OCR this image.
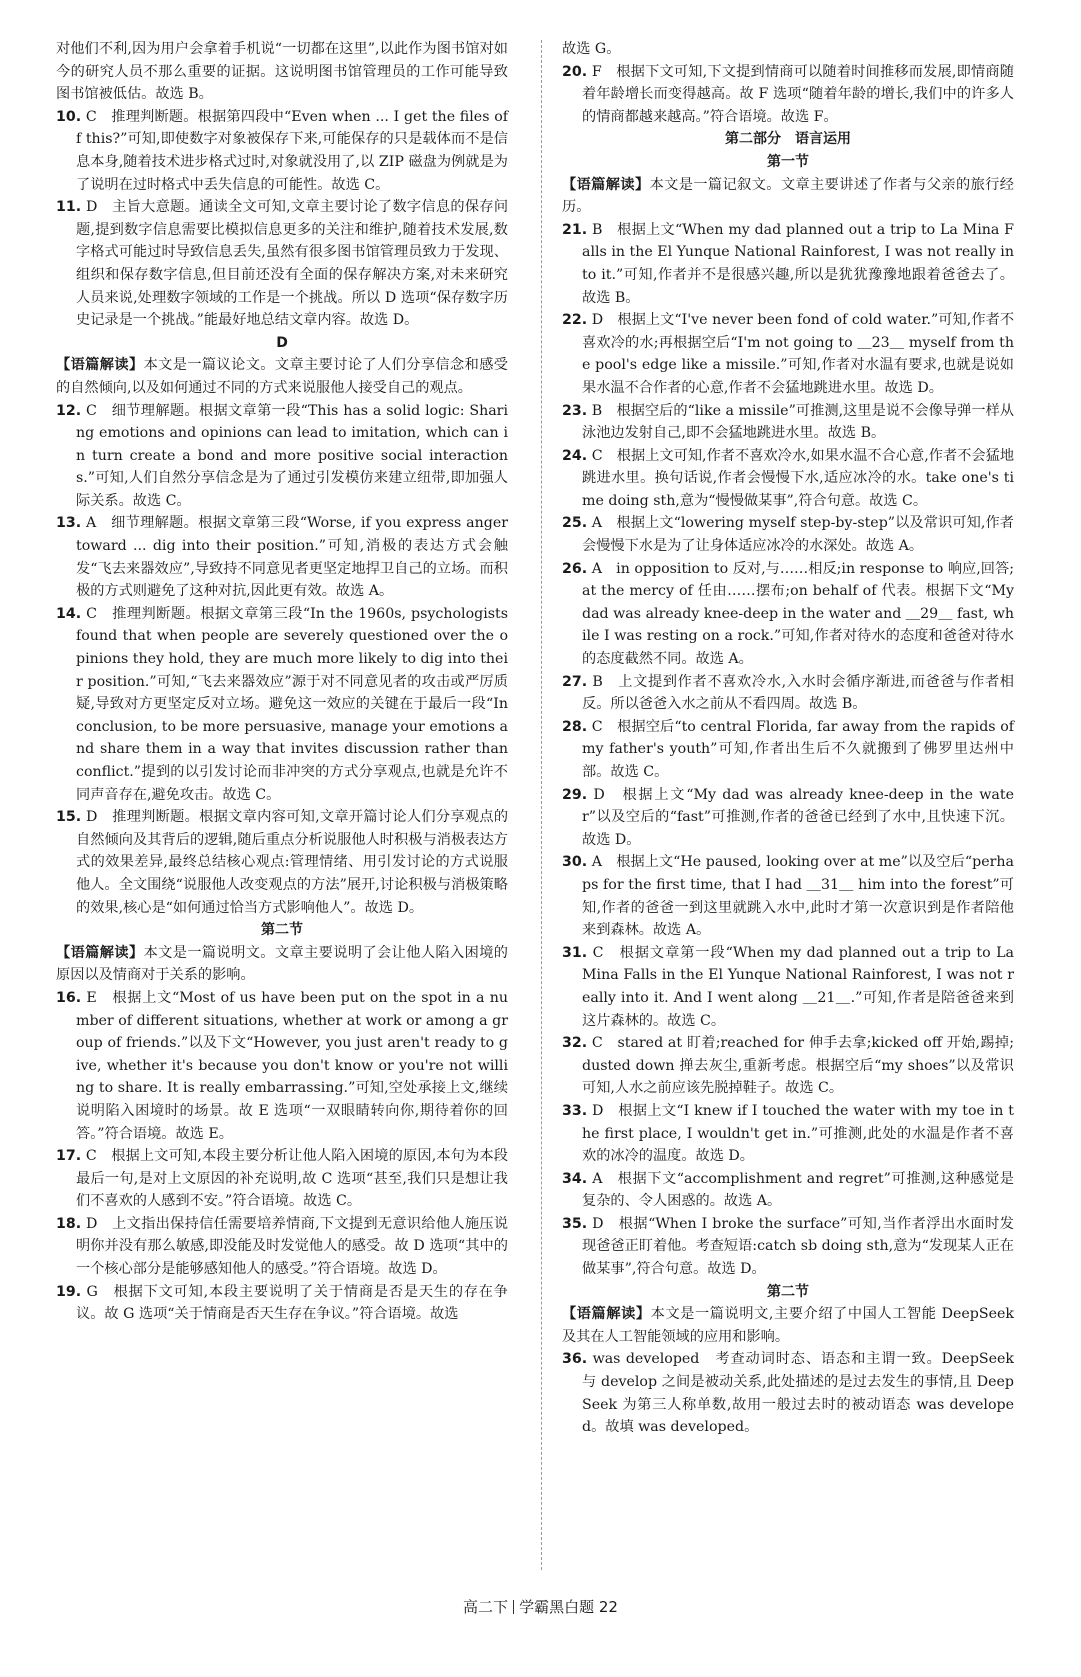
对他们不利,因为用户会拿着手机说“一切都在这里”,以此作为图书馆对如今的研究人员不那么重要的证据。这说明图书馆管理员的工作可能导致图书馆被低估。故选 B。

10. C　推理判断题。根据第四段中“Even when ... I get the files off this?”可知,即使数字对象被保存下来,可能保存的只是载体而不是信息本身,随着技术进步格式过时,对象就没用了,以 ZIP 磁盘为例就是为了说明在过时格式中丢失信息的可能性。故选 C。

11. D　主旨大意题。通读全文可知,文章主要讨论了数字信息的保存问题,提到数字信息需要比模拟信息更多的关注和维护,随着技术发展,数字格式可能过时导致信息丢失,虽然有很多图书馆管理员致力于发现、组织和保存数字信息,但目前还没有全面的保存解决方案,对未来研究人员来说,处理数字领域的工作是一个挑战。所以 D 选项“保存数字历史记录是一个挑战。”能最好地总结文章内容。故选 D。

D

【语篇解读】本文是一篇议论文。文章主要讨论了人们分享信念和感受的自然倾向,以及如何通过不同的方式来说服他人接受自己的观点。

12. C　细节理解题。根据文章第一段“This has a solid logic: Sharing emotions and opinions can lead to imitation, which can in turn create a bond and more positive social interactions.”可知,人们自然分享信念是为了通过引发模仿来建立纽带,即加强人际关系。故选 C。

13. A　细节理解题。根据文章第三段“Worse, if you express anger toward ... dig into their position.”可知,消极的表达方式会触发“飞去来器效应”,导致持不同意见者更坚定地捍卫自己的立场。而积极的方式则避免了这种对抗,因此更有效。故选 A。

14. C　推理判断题。根据文章第三段“In the 1960s, psychologists found that when people are severely questioned over the opinions they hold, they are much more likely to dig into their position.”可知,“飞去来器效应”源于对不同意见者的攻击或严厉质疑,导致对方更坚定反对立场。避免这一效应的关键在于最后一段“In conclusion, to be more persuasive, manage your emotions and share them in a way that invites discussion rather than conflict.”提到的以引发讨论而非冲突的方式分享观点,也就是允许不同声音存在,避免攻击。故选 C。

15. D　推理判断题。根据文章内容可知,文章开篇讨论人们分享观点的自然倾向及其背后的逻辑,随后重点分析说服他人时积极与消极表达方式的效果差异,最终总结核心观点:管理情绪、用引发讨论的方式说服他人。全文围绕“说服他人改变观点的方法”展开,讨论积极与消极策略的效果,核心是“如何通过恰当方式影响他人”。故选 D。

第二节

【语篇解读】本文是一篇说明文。文章主要说明了会让他人陷入困境的原因以及情商对于关系的影响。

16. E　根据上文“Most of us have been put on the spot in a number of different situations, whether at work or among a group of friends.”以及下文“However, you just aren't ready to give, whether it's because you don't know or you're not willing to share. It is really embarrassing.”可知,空处承接上文,继续说明陷入困境时的场景。故 E 选项“一双眼睛转向你,期待着你的回答。”符合语境。故选 E。

17. C　根据上文可知,本段主要分析让他人陷入困境的原因,本句为本段最后一句,是对上文原因的补充说明,故 C 选项“甚至,我们只是想让我们不喜欢的人感到不安。”符合语境。故选 C。

18. D　上文指出保持信任需要培养情商,下文提到无意识给他人施压说明你并没有那么敏感,即没能及时发觉他人的感受。故 D 选项“其中的一个核心部分是能够感知他人的感受。”符合语境。故选 D。

19. G　根据下文可知,本段主要说明了关于情商是否是天生的存在争议。故 G 选项“关于情商是否天生存在争议。”符合语境。故选

故选 G。

20. F　根据下文可知,下文提到情商可以随着时间推移而发展,即情商随着年龄增长而变得越高。故 F 选项“随着年龄的增长,我们中的许多人的情商都越来越高。”符合语境。故选 F。

第二部分　语言运用

第一节

【语篇解读】本文是一篇记叙文。文章主要讲述了作者与父亲的旅行经历。

21. B　根据上文“When my dad planned out a trip to La Mina Falls in the El Yunque National Rainforest, I was not really into it.”可知,作者并不是很感兴趣,所以是犹犹豫豫地跟着爸爸去了。故选 B。

22. D　根据上文“I've never been fond of cold water.”可知,作者不喜欢冷的水;再根据空后“I'm not going to ＿23＿ myself from the pool's edge like a missile.”可知,作者对水温有要求,也就是说如果水温不合作者的心意,作者不会猛地跳进水里。故选 D。

23. B　根据空后的“like a missile”可推测,这里是说不会像导弹一样从泳池边发射自己,即不会猛地跳进水里。故选 B。

24. C　根据上文可知,作者不喜欢冷水,如果水温不合心意,作者不会猛地跳进水里。换句话说,作者会慢慢下水,适应冰冷的水。take one's time doing sth,意为“慢慢做某事”,符合句意。故选 C。

25. A　根据上文“lowering myself step-by-step”以及常识可知,作者会慢慢下水是为了让身体适应冰冷的水深处。故选 A。

26. A　in opposition to 反对,与……相反;in response to 响应,回答;at the mercy of 任由……摆布;on behalf of 代表。根据下文“My dad was already knee-deep in the water and ＿29＿ fast, while I was resting on a rock.”可知,作者对待水的态度和爸爸对待水的态度截然不同。故选 A。

27. B　上文提到作者不喜欢冷水,入水时会循序渐进,而爸爸与作者相反。所以爸爸入水之前从不看四周。故选 B。

28. C　根据空后“to central Florida, far away from the rapids of my father's youth”可知,作者出生后不久就搬到了佛罗里达州中部。故选 C。

29. D　根据上文“My dad was already knee-deep in the water”以及空后的“fast”可推测,作者的爸爸已经到了水中,且快速下沉。故选 D。

30. A　根据上文“He paused, looking over at me”以及空后“perhaps for the first time, that I had ＿31＿ him into the forest”可知,作者的爸爸一到这里就跳入水中,此时才第一次意识到是作者陪他来到森林。故选 A。

31. C　根据文章第一段“When my dad planned out a trip to La Mina Falls in the El Yunque National Rainforest, I was not really into it. And I went along ＿21＿.”可知,作者是陪爸爸来到这片森林的。故选 C。

32. C　stared at 盯着;reached for 伸手去拿;kicked off 开始,踢掉;dusted down 掸去灰尘,重新考虑。根据空后“my shoes”以及常识可知,人水之前应该先脱掉鞋子。故选 C。

33. D　根据上文“I knew if I touched the water with my toe in the first place, I wouldn't get in.”可推测,此处的水温是作者不喜欢的冰冷的温度。故选 D。

34. A　根据下文“accomplishment and regret”可推测,这种感觉是复杂的、令人困惑的。故选 A。

35. D　根据“When I broke the surface”可知,当作者浮出水面时发现爸爸正盯着他。考查短语:catch sb doing sth,意为“发现某人正在做某事”,符合句意。故选 D。

第二节

【语篇解读】本文是一篇说明文,主要介绍了中国人工智能 DeepSeek 及其在人工智能领域的应用和影响。

36. was developed　考查动词时态、语态和主谓一致。DeepSeek 与 develop 之间是被动关系,此处描述的是过去发生的事情,且 DeepSeek 为第三人称单数,故用一般过去时的被动语态 was developed。故填 was developed。

高二下 学霸黑白题 22
